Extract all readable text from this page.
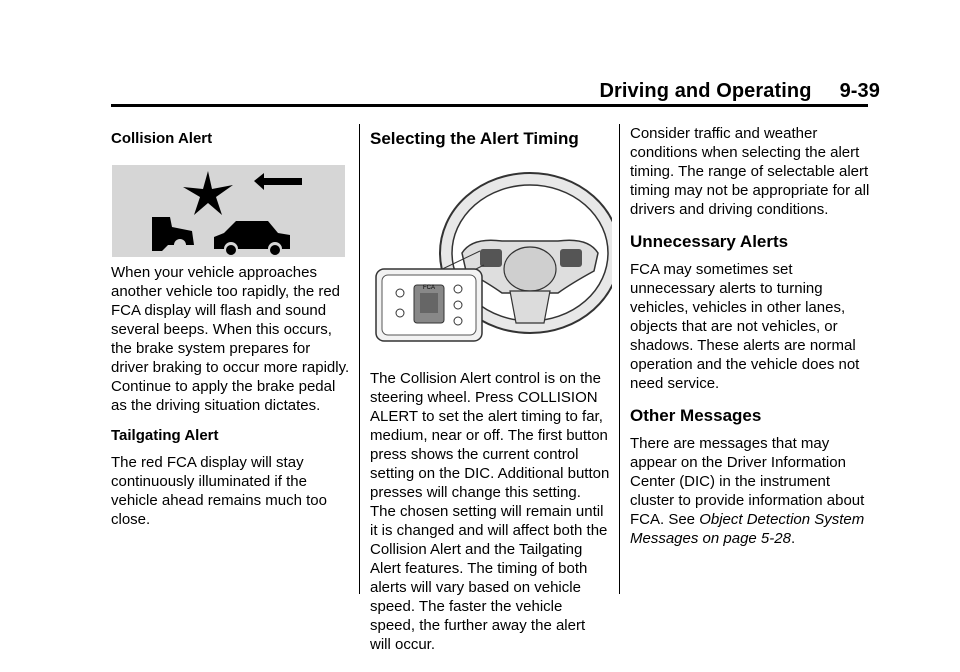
Driving and Operating 9-39

Collision Alert

When your vehicle approaches another vehicle too rapidly, the red FCA display will flash and sound several beeps. When this occurs, the brake system prepares for driver braking to occur more rapidly. Continue to apply the brake pedal as the driving situation dictates.

Tailgating Alert

The red FCA display will stay continuously illuminated if the vehicle ahead remains much too close.

Selecting the Alert Timing

The Collision Alert control is on the steering wheel. Press COLLISION ALERT to set the alert timing to far, medium, near or off. The first button press shows the current control setting on the DIC. Additional button presses will change this setting. The chosen setting will remain until it is changed and will affect both the Collision Alert and the Tailgating Alert features. The timing of both alerts will vary based on vehicle speed. The faster the vehicle speed, the further away the alert will occur.

FCA

Consider traffic and weather conditions when selecting the alert timing. The range of selectable alert timing may not be appropriate for all drivers and driving conditions.

Unnecessary Alerts

FCA may sometimes set unnecessary alerts to turning vehicles, vehicles in other lanes, objects that are not vehicles, or shadows. These alerts are normal operation and the vehicle does not need service.

Other Messages

There are messages that may appear on the Driver Information Center (DIC) in the instrument cluster to provide information about FCA. See Object Detection System Messages on page 5-28.
